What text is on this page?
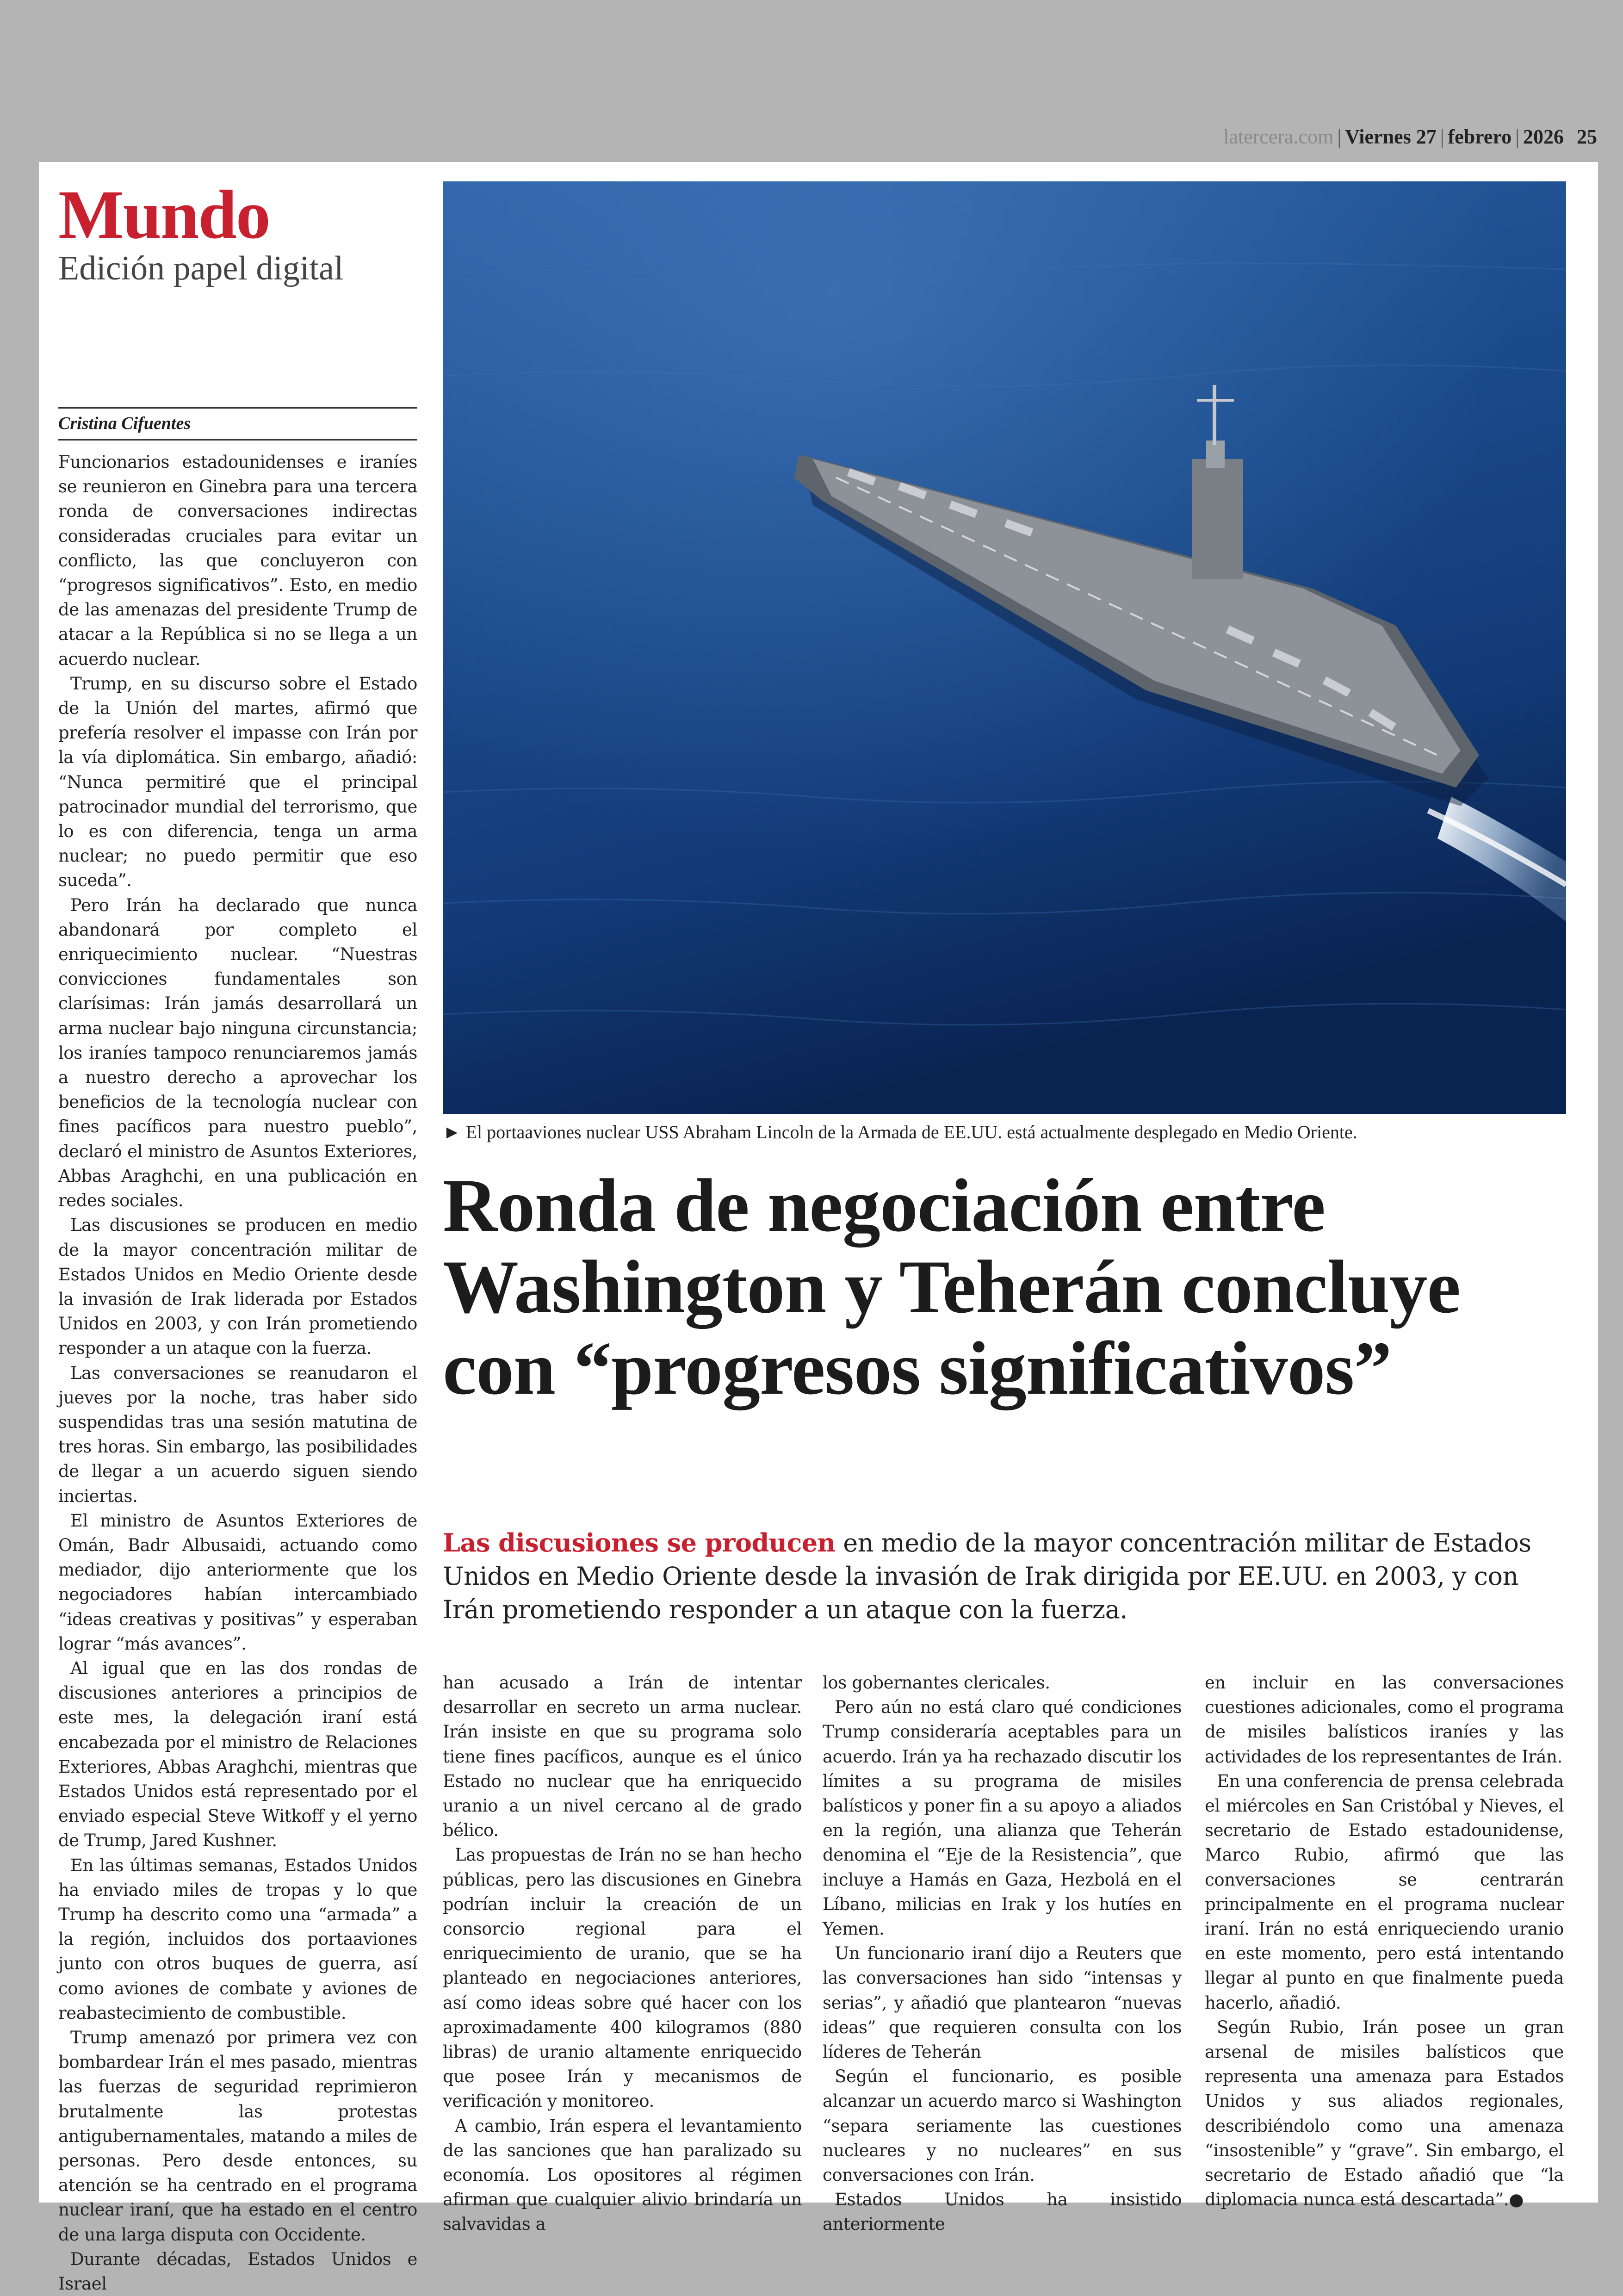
latercera.com | Viernes 27 | febrero | 2026 25
Mundo
Edición papel digital
Cristina Cifuentes

Funcionarios estadounidenses e iraníes se reunieron en Ginebra para una tercera ronda de conversaciones indirectas consideradas cruciales para evitar un conflicto, las que concluyeron con “progresos significativos”. Esto, en medio de las amenazas del presidente Trump de atacar a la República si no se llega a un acuerdo nuclear.

Trump, en su discurso sobre el Estado de la Unión del martes, afirmó que prefería resolver el impasse con Irán por la vía diplomática. Sin embargo, añadió: “Nunca permitiré que el principal patrocinador mundial del terrorismo, que lo es con diferencia, tenga un arma nuclear; no puedo permitir que eso suceda”.

Pero Irán ha declarado que nunca abandonará por completo el enriquecimiento nuclear. “Nuestras convicciones fundamentales son clarísimas: Irán jamás desarrollará un arma nuclear bajo ninguna circunstancia; los iraníes tampoco renunciaremos jamás a nuestro derecho a aprovechar los beneficios de la tecnología nuclear con fines pacíficos para nuestro pueblo”, declaró el ministro de Asuntos Exteriores, Abbas Araghchi, en una publicación en redes sociales.

Las discusiones se producen en medio de la mayor concentración militar de Estados Unidos en Medio Oriente desde la invasión de Irak liderada por Estados Unidos en 2003, y con Irán prometiendo responder a un ataque con la fuerza.

Las conversaciones se reanudaron el jueves por la noche, tras haber sido suspendidas tras una sesión matutina de tres horas. Sin embargo, las posibilidades de llegar a un acuerdo siguen siendo inciertas.

El ministro de Asuntos Exteriores de Omán, Badr Albusaidi, actuando como mediador, dijo anteriormente que los negociadores habían intercambiado “ideas creativas y positivas” y esperaban lograr “más avances”.

Al igual que en las dos rondas de discusiones anteriores a principios de este mes, la delegación iraní está encabezada por el ministro de Relaciones Exteriores, Abbas Araghchi, mientras que Estados Unidos está representado por el enviado especial Steve Witkoff y el yerno de Trump, Jared Kushner.

En las últimas semanas, Estados Unidos ha enviado miles de tropas y lo que Trump ha descrito como una “armada” a la región, incluidos dos portaaviones junto con otros buques de guerra, así como aviones de combate y aviones de reabastecimiento de combustible.

Trump amenazó por primera vez con bombardear Irán el mes pasado, mientras las fuerzas de seguridad reprimieron brutalmente las protestas antigubernamentales, matando a miles de personas. Pero desde entonces, su atención se ha centrado en el programa nuclear iraní, que ha estado en el centro de una larga disputa con Occidente.

Durante décadas, Estados Unidos e Israel

► El portaaviones nuclear USS Abraham Lincoln de la Armada de EE.UU. está actualmente desplegado en Medio Oriente.
Ronda de negociación entre Washington y Teherán concluye con “progresos significativos”
Las discusiones se producen en medio de la mayor concentración militar de Estados Unidos en Medio Oriente desde la invasión de Irak dirigida por EE.UU. en 2003, y con Irán prometiendo responder a un ataque con la fuerza.

han acusado a Irán de intentar desarrollar en secreto un arma nuclear. Irán insiste en que su programa solo tiene fines pacíficos, aunque es el único Estado no nuclear que ha enriquecido uranio a un nivel cercano al de grado bélico.

Las propuestas de Irán no se han hecho públicas, pero las discusiones en Ginebra podrían incluir la creación de un consorcio regional para el enriquecimiento de uranio, que se ha planteado en negociaciones anteriores, así como ideas sobre qué hacer con los aproximadamente 400 kilogramos (880 libras) de uranio altamente enriquecido que posee Irán y mecanismos de verificación y monitoreo.

A cambio, Irán espera el levantamiento de las sanciones que han paralizado su economía. Los opositores al régimen afirman que cualquier alivio brindaría un salvavidas a

los gobernantes clericales.

Pero aún no está claro qué condiciones Trump consideraría aceptables para un acuerdo. Irán ya ha rechazado discutir los límites a su programa de misiles balísticos y poner fin a su apoyo a aliados en la región, una alianza que Teherán denomina el “Eje de la Resistencia”, que incluye a Hamás en Gaza, Hezbolá en el Líbano, milicias en Irak y los hutíes en Yemen.

Un funcionario iraní dijo a Reuters que las conversaciones han sido “intensas y serias”, y añadió que plantearon “nuevas ideas” que requieren consulta con los líderes de Teherán

Según el funcionario, es posible alcanzar un acuerdo marco si Washington “separa seriamente las cuestiones nucleares y no nucleares” en sus conversaciones con Irán.

Estados Unidos ha insistido anteriormente

en incluir en las conversaciones cuestiones adicionales, como el programa de misiles balísticos iraníes y las actividades de los representantes de Irán.

En una conferencia de prensa celebrada el miércoles en San Cristóbal y Nieves, el secretario de Estado estadounidense, Marco Rubio, afirmó que las conversaciones se centrarán principalmente en el programa nuclear iraní. Irán no está enriqueciendo uranio en este momento, pero está intentando llegar al punto en que finalmente pueda hacerlo, añadió.

Según Rubio, Irán posee un gran arsenal de misiles balísticos que representa una amenaza para Estados Unidos y sus aliados regionales, describiéndolo como una amenaza “insostenible” y “grave”. Sin embargo, el secretario de Estado añadió que “la diplomacia nunca está descartada”.●
